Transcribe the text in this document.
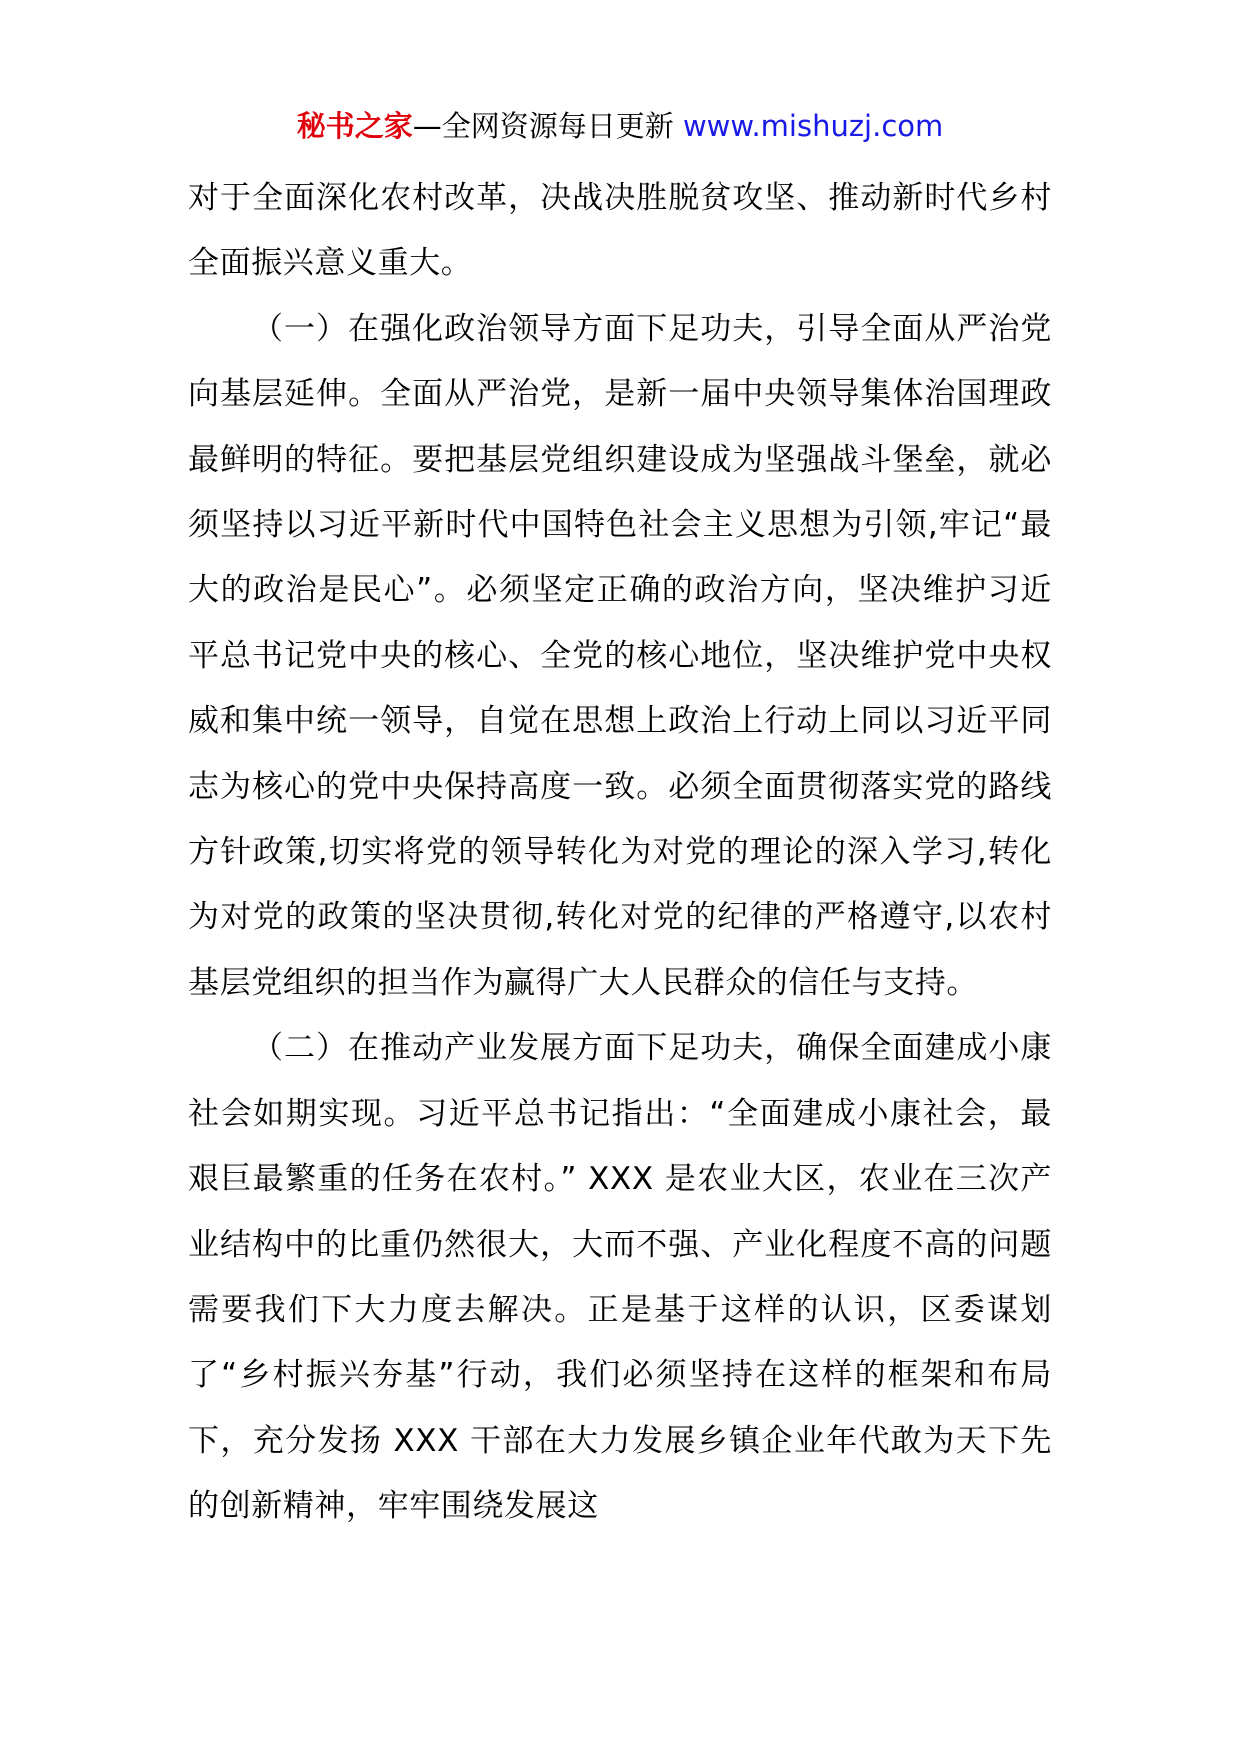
秘书之家—全网资源每日更新 www.mishuzj.com

对于全面深化农村改革，决战决胜脱贫攻坚、推动新时代乡村全面振兴意义重大。

（一）在强化政治领导方面下足功夫，引导全面从严治党向基层延伸。全面从严治党，是新一届中央领导集体治国理政最鲜明的特征。要把基层党组织建设成为坚强战斗堡垒，就必须坚持以习近平新时代中国特色社会主义思想为引领,牢记“最大的政治是民心”。必须坚定正确的政治方向，坚决维护习近平总书记党中央的核心、全党的核心地位，坚决维护党中央权威和集中统一领导，自觉在思想上政治上行动上同以习近平同志为核心的党中央保持高度一致。必须全面贯彻落实党的路线方针政策,切实将党的领导转化为对党的理论的深入学习,转化为对党的政策的坚决贯彻,转化对党的纪律的严格遵守,以农村基层党组织的担当作为赢得广大人民群众的信任与支持。

（二）在推动产业发展方面下足功夫，确保全面建成小康社会如期实现。习近平总书记指出：“全面建成小康社会，最艰巨最繁重的任务在农村。” XXX 是农业大区，农业在三次产业结构中的比重仍然很大，大而不强、产业化程度不高的问题需要我们下大力度去解决。正是基于这样的认识，区委谋划了“乡村振兴夯基”行动，我们必须坚持在这样的框架和布局下，充分发扬 XXX 干部在大力发展乡镇企业年代敢为天下先的创新精神，牢牢围绕发展这
